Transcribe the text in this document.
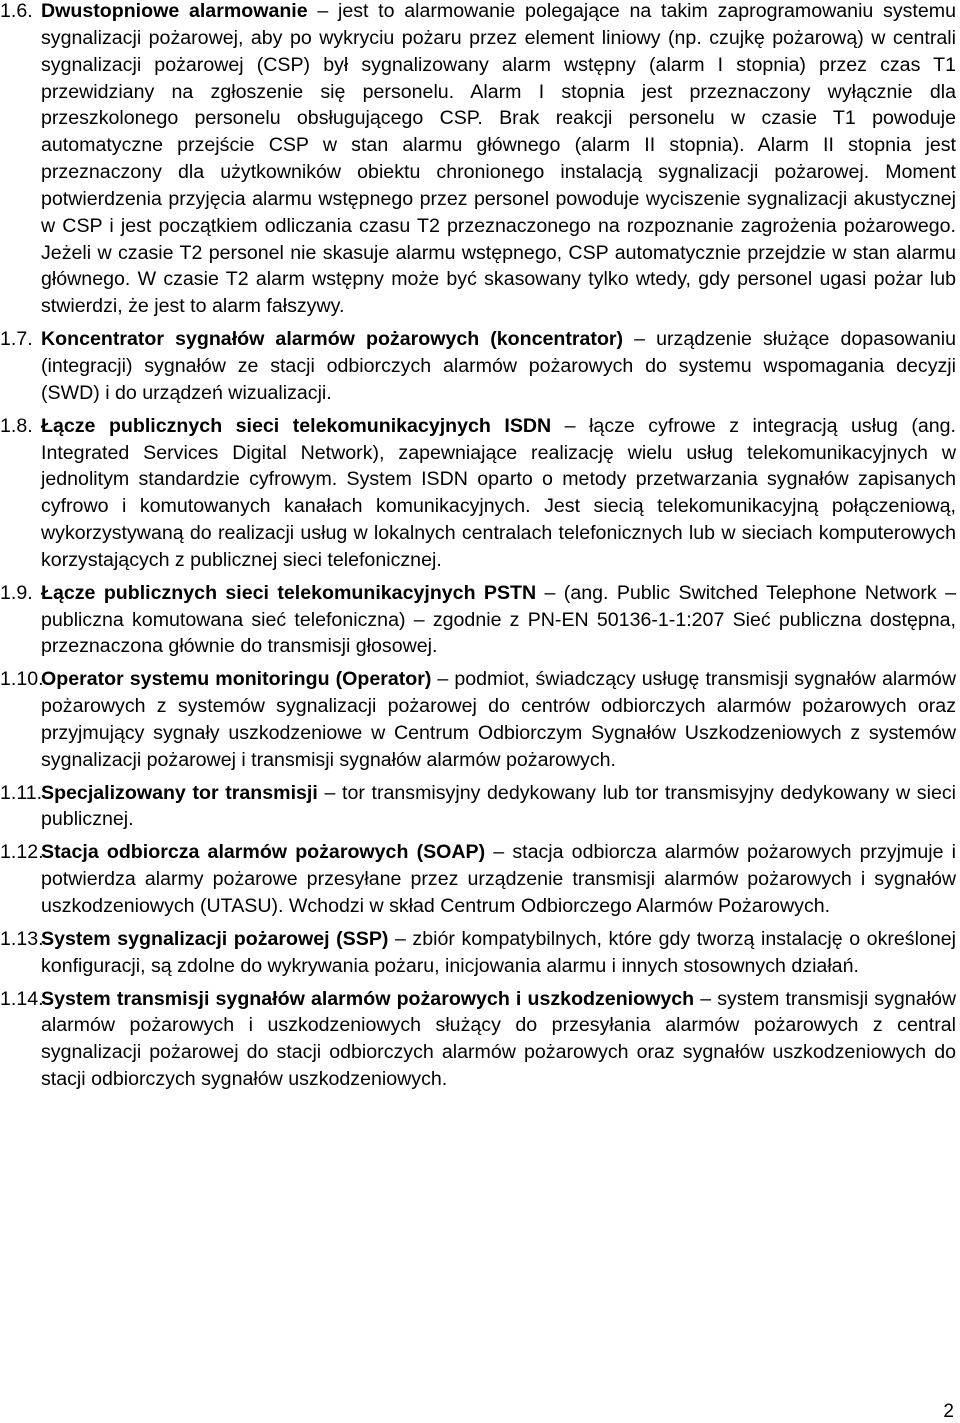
1.6. Dwustopniowe alarmowanie – jest to alarmowanie polegające na takim zaprogramowaniu systemu sygnalizacji pożarowej, aby po wykryciu pożaru przez element liniowy (np. czujkę pożarową) w centrali sygnalizacji pożarowej (CSP) był sygnalizowany alarm wstępny (alarm I stopnia) przez czas T1 przewidziany na zgłoszenie się personelu. Alarm I stopnia jest przeznaczony wyłącznie dla przeszkolonego personelu obsługującego CSP. Brak reakcji personelu w czasie T1 powoduje automatyczne przejście CSP w stan alarmu głównego (alarm II stopnia). Alarm II stopnia jest przeznaczony dla użytkowników obiektu chronionego instalacją sygnalizacji pożarowej. Moment potwierdzenia przyjęcia alarmu wstępnego przez personel powoduje wyciszenie sygnalizacji akustycznej w CSP i jest początkiem odliczania czasu T2 przeznaczonego na rozpoznanie zagrożenia pożarowego. Jeżeli w czasie T2 personel nie skasuje alarmu wstępnego, CSP automatycznie przejdzie w stan alarmu głównego. W czasie T2 alarm wstępny może być skasowany tylko wtedy, gdy personel ugasi pożar lub stwierdzi, że jest to alarm fałszywy.
1.7. Koncentrator sygnałów alarmów pożarowych (koncentrator) – urządzenie służące dopasowaniu (integracji) sygnałów ze stacji odbiorczych alarmów pożarowych do systemu wspomagania decyzji (SWD) i do urządzeń wizualizacji.
1.8. Łącze publicznych sieci telekomunikacyjnych ISDN – łącze cyfrowe z integracją usług (ang. Integrated Services Digital Network), zapewniające realizację wielu usług telekomunikacyjnych w jednolitym standardzie cyfrowym. System ISDN oparto o metody przetwarzania sygnałów zapisanych cyfrowo i komutowanych kanałach komunikacyjnych. Jest siecią telekomunikacyjną połączeniową, wykorzystywaną do realizacji usług w lokalnych centralach telefonicznych lub w sieciach komputerowych korzystających z publicznej sieci telefonicznej.
1.9. Łącze publicznych sieci telekomunikacyjnych PSTN – (ang. Public Switched Telephone Network – publiczna komutowana sieć telefoniczna) – zgodnie z PN-EN 50136-1-1:207 Sieć publiczna dostępna, przeznaczona głównie do transmisji głosowej.
1.10.
Operator systemu monitoringu (Operator) – podmiot, świadczący usługę transmisji sygnałów alarmów pożarowych z systemów sygnalizacji pożarowej do centrów odbiorczych alarmów pożarowych oraz przyjmujący sygnały uszkodzeniowe w Centrum Odbiorczym Sygnałów Uszkodzeniowych z systemów sygnalizacji pożarowej i transmisji sygnałów alarmów pożarowych.
1.11.
Specjalizowany tor transmisji – tor transmisyjny dedykowany lub tor transmisyjny dedykowany w sieci publicznej.
1.12.
Stacja odbiorcza alarmów pożarowych (SOAP) – stacja odbiorcza alarmów pożarowych przyjmuje i potwierdza alarmy pożarowe przesyłane przez urządzenie transmisji alarmów pożarowych i sygnałów uszkodzeniowych (UTASU). Wchodzi w skład Centrum Odbiorczego Alarmów Pożarowych.
1.13.
System sygnalizacji pożarowej (SSP) – zbiór kompatybilnych, które gdy tworzą instalację o określonej konfiguracji, są zdolne do wykrywania pożaru, inicjowania alarmu i innych stosownych działań.
1.14.
System transmisji sygnałów alarmów pożarowych i uszkodzeniowych – system transmisji sygnałów alarmów pożarowych i uszkodzeniowych służący do przesyłania alarmów pożarowych z central sygnalizacji pożarowej do stacji odbiorczych alarmów pożarowych oraz sygnałów uszkodzeniowych do stacji odbiorczych sygnałów uszkodzeniowych.
2
